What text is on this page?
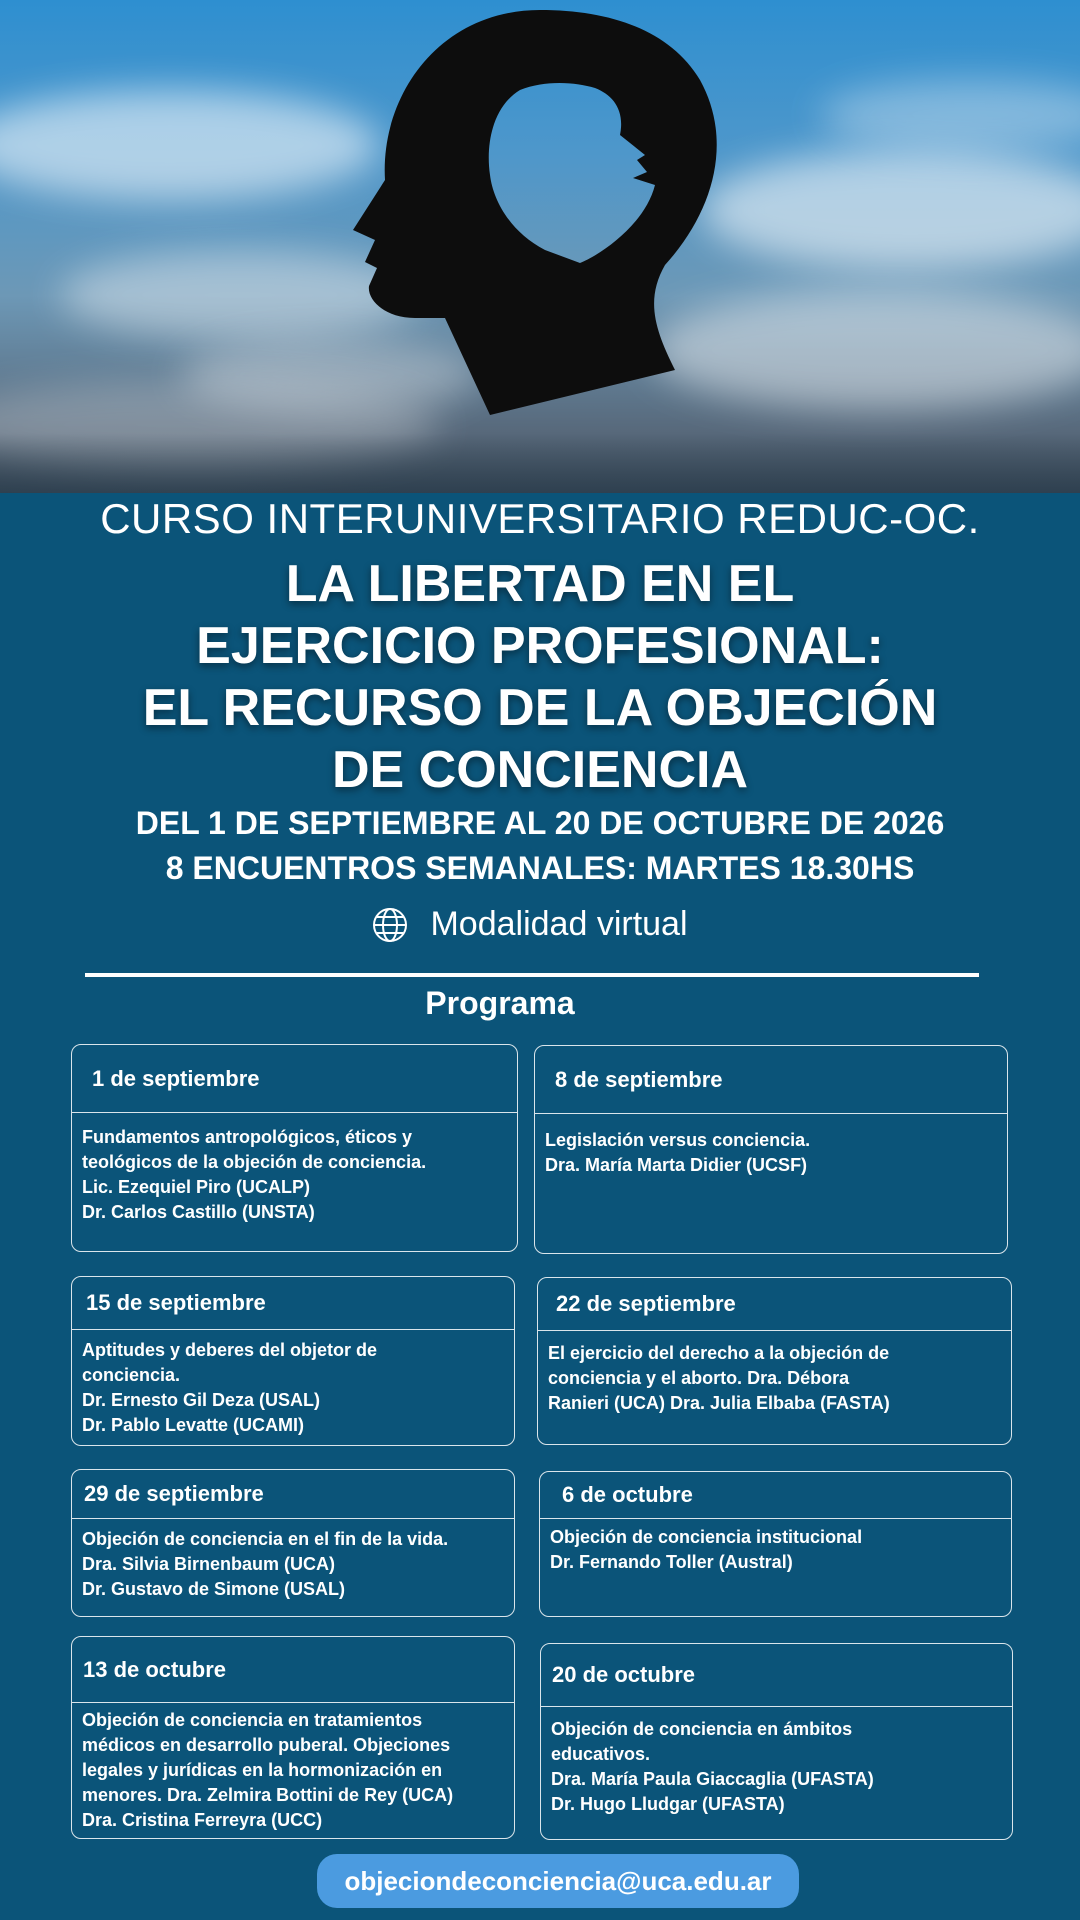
CURSO INTERUNIVERSITARIO REDUC-OC.
LA LIBERTAD EN EL
EJERCICIO PROFESIONAL:
EL RECURSO DE LA OBJECIÓN
DE CONCIENCIA
DEL 1 DE SEPTIEMBRE AL 20 DE OCTUBRE DE 2026
8 ENCUENTROS SEMANALES: MARTES 18.30HS
Modalidad virtual
Programa
1 de septiembre
Fundamentos antropológicos, éticos y
teológicos de la objeción de conciencia.
Lic. Ezequiel Piro (UCALP)
Dr. Carlos Castillo (UNSTA)
8 de septiembre
Legislación versus conciencia.
Dra. María Marta Didier (UCSF)
15 de septiembre
Aptitudes y deberes del objetor de
conciencia.
Dr. Ernesto Gil Deza (USAL)
Dr. Pablo Levatte (UCAMI)
22 de septiembre
El ejercicio del derecho a la objeción de
conciencia y el aborto. Dra. Débora
Ranieri (UCA) Dra. Julia Elbaba (FASTA)
29 de septiembre
Objeción de conciencia en el fin de la vida.
Dra. Silvia Birnenbaum (UCA)
Dr. Gustavo de Simone (USAL)
6 de octubre
Objeción de conciencia institucional
Dr. Fernando Toller (Austral)
13 de octubre
Objeción de conciencia en tratamientos
médicos en desarrollo puberal. Objeciones
legales y jurídicas en la hormonización en
menores. Dra. Zelmira Bottini de Rey (UCA)
Dra. Cristina Ferreyra (UCC)
20 de octubre
Objeción de conciencia en ámbitos
educativos.
Dra. María Paula Giaccaglia (UFASTA)
Dr. Hugo Lludgar (UFASTA)
objeciondeconciencia@uca.edu.ar
